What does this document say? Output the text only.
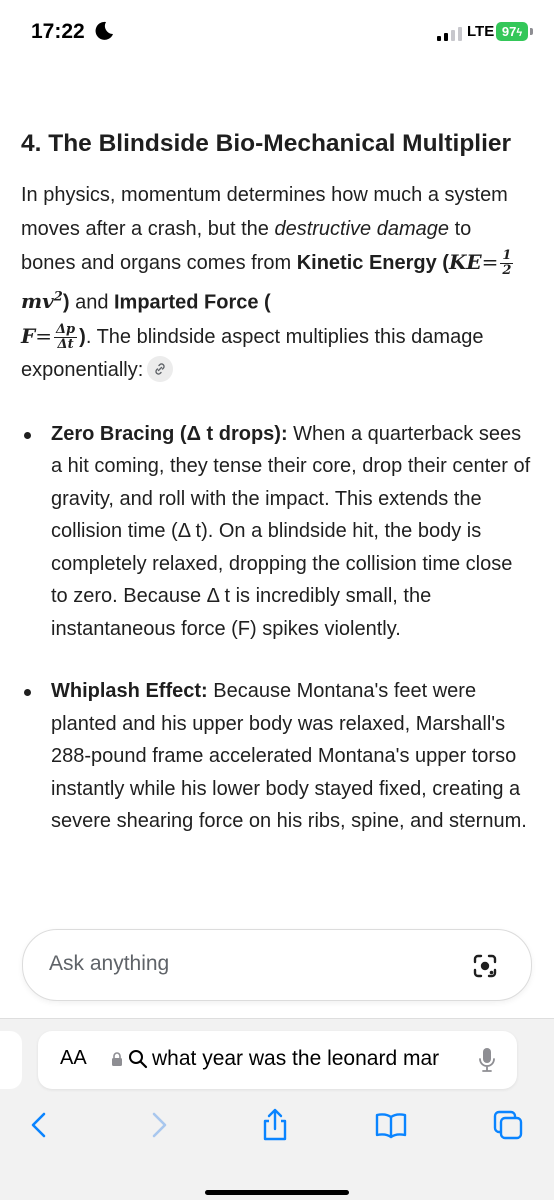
17:22	LTE 97ϟ
4. The Blindside Bio-Mechanical Multiplier

In physics, momentum determines how much a system moves after a crash, but the destructive damage to bones and organs comes from Kinetic Energy ($KE= \frac{1}{2}$
$mv^2$) and Imparted Force (
$F= \frac{\Delta p}{\Delta t}$ ). The blindside aspect multiplies this damage exponentially:

Zero Bracing (Δ t drops): When a quarterback sees a hit coming, they tense their core, drop their center of gravity, and roll with the impact. This extends the collision time (Δ t). On a blindside hit, the body is completely relaxed, dropping the collision time close to zero. Because Δ t is incredibly small, the instantaneous force (F) spikes violently.
Whiplash Effect: Because Montana's feet were planted and his upper body was relaxed, Marshall's 288-pound frame accelerated Montana's upper torso instantly while his lower body stayed fixed, creating a severe shearing force on his ribs, spine, and sternum.
Ask anything
AA	what year was the leonard mar
